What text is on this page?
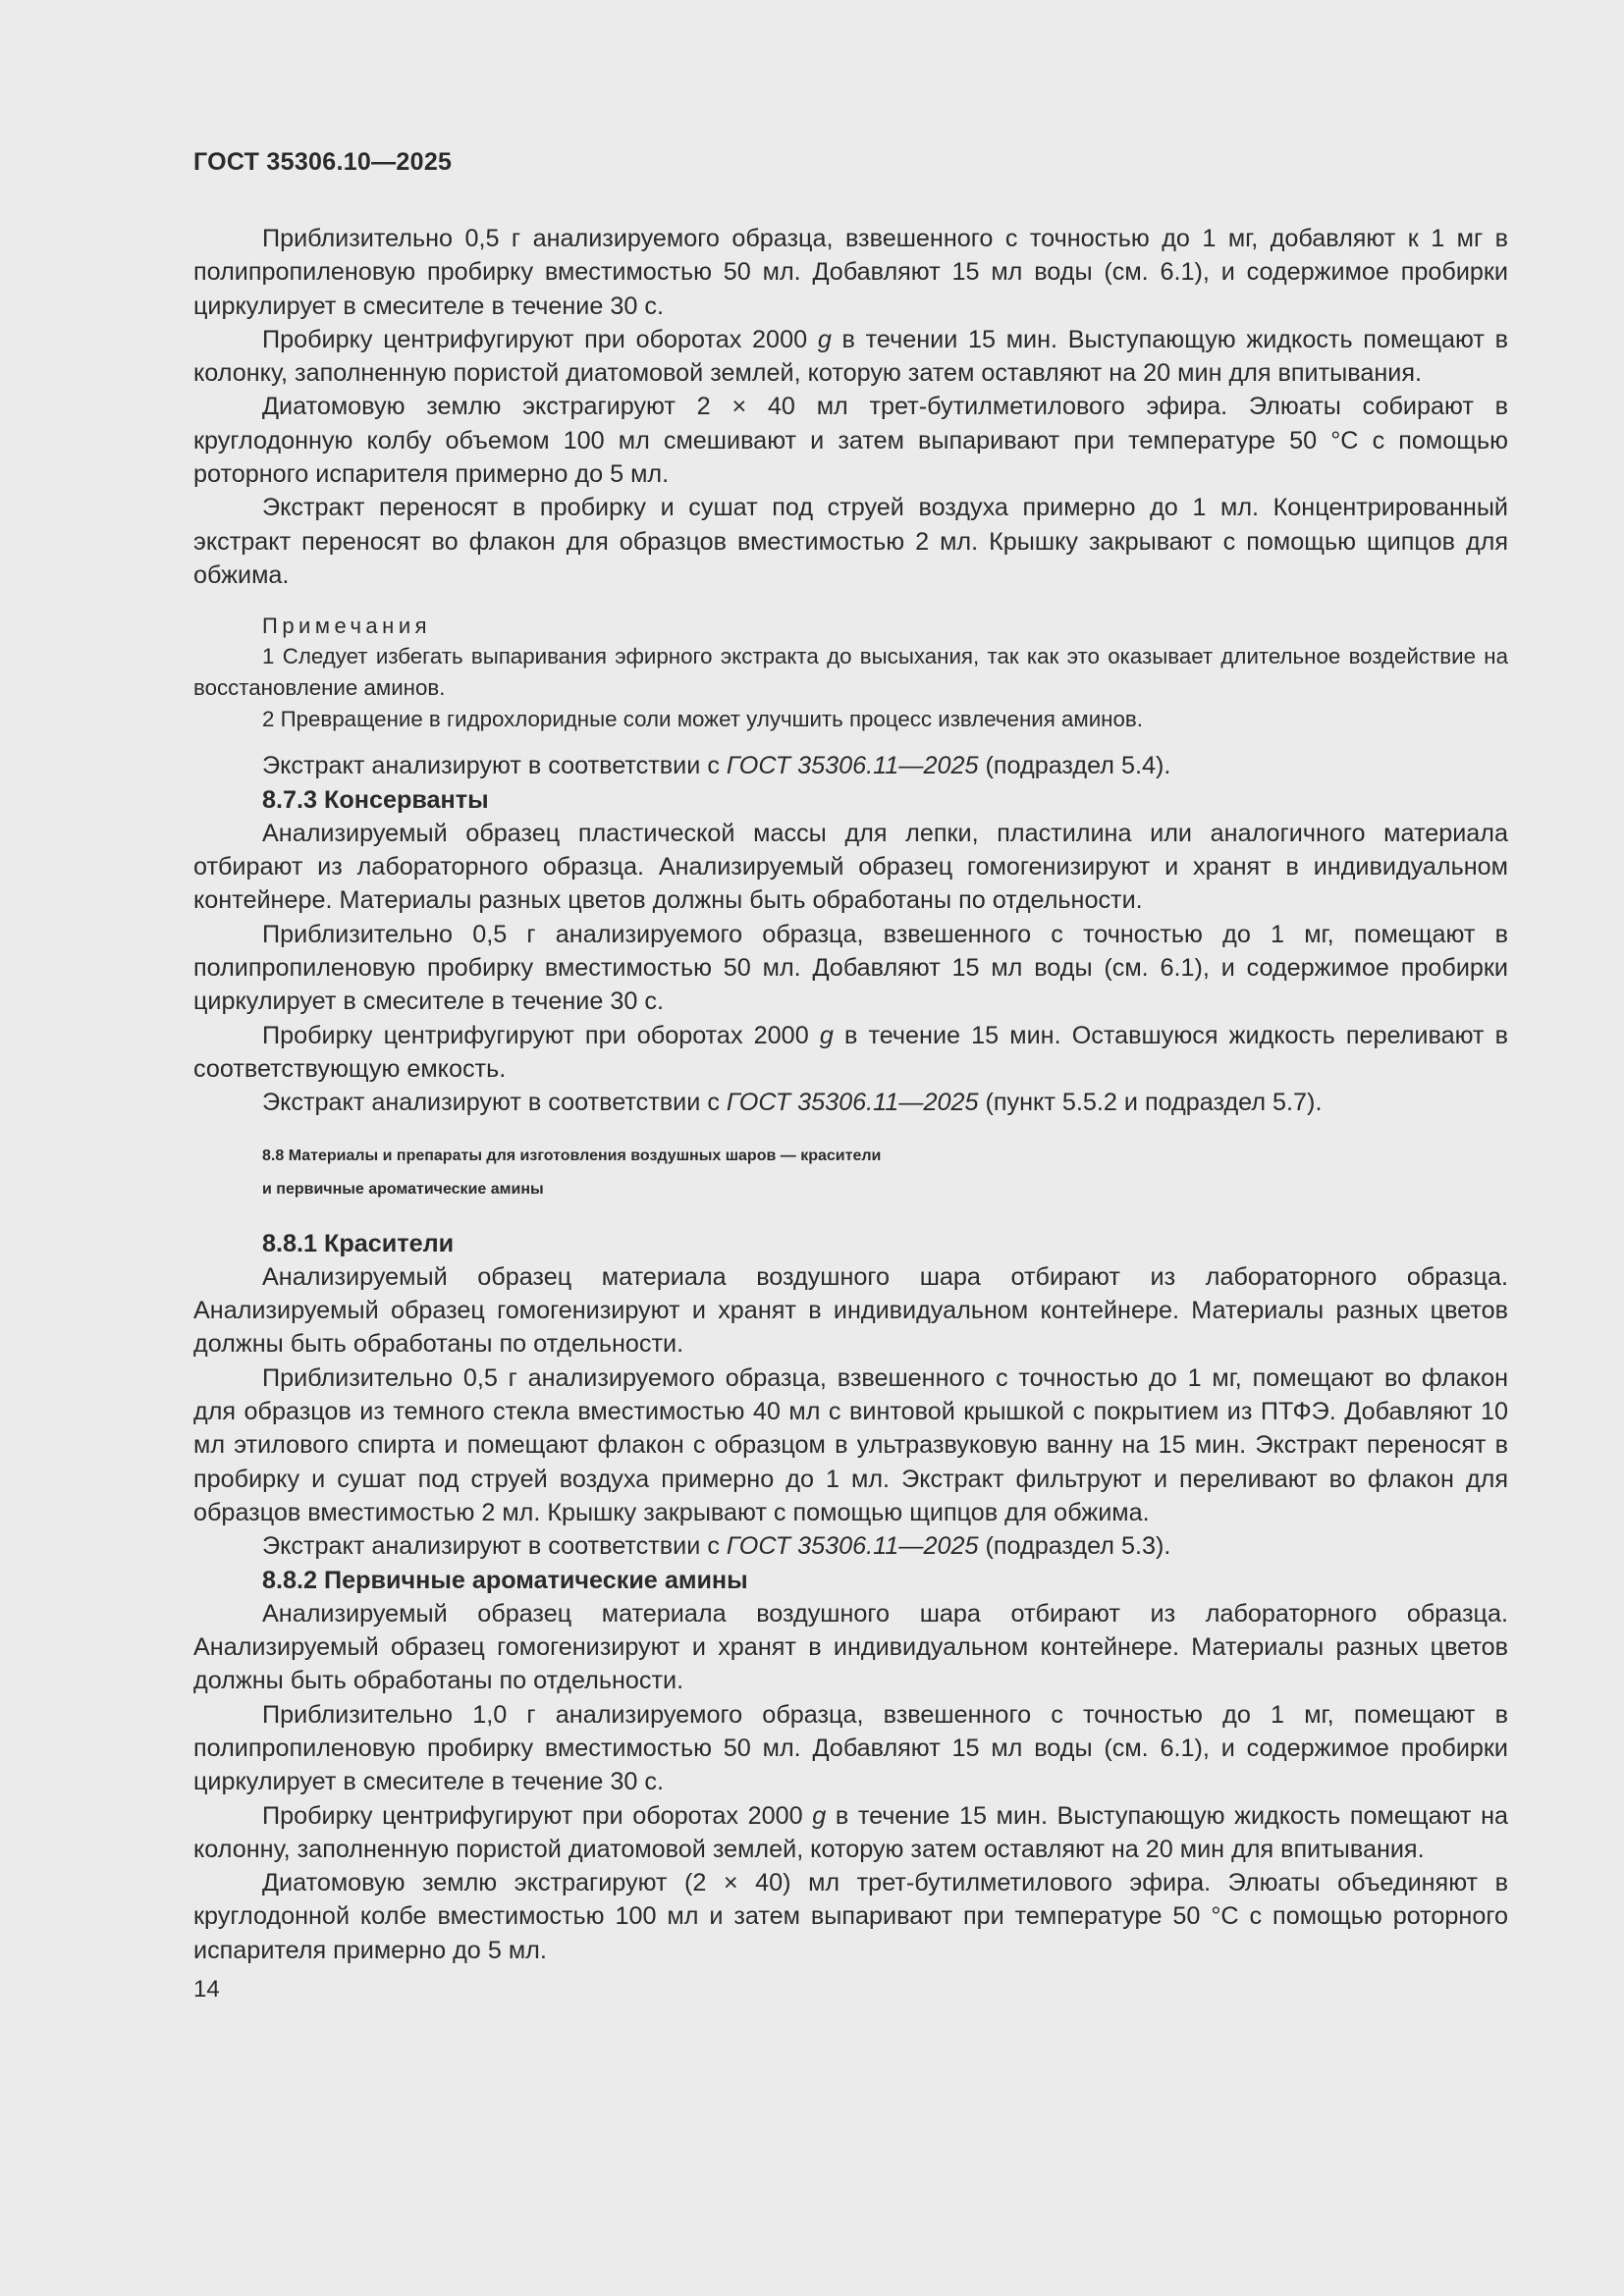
ГОСТ 35306.10—2025

Приблизительно 0,5 г анализируемого образца, взвешенного с точностью до 1 мг, добавляют к 1 мг в полипропиленовую пробирку вместимостью 50 мл. Добавляют 15 мл воды (см. 6.1), и содержимое пробирки циркулирует в смесителе в течение 30 с.

Пробирку центрифугируют при оборотах 2000 g в течении 15 мин. Выступающую жидкость помещают в колонку, заполненную пористой диатомовой землей, которую затем оставляют на 20 мин для впитывания.

Диатомовую землю экстрагируют 2 × 40 мл трет-бутилметилового эфира. Элюаты собирают в круглодонную колбу объемом 100 мл смешивают и затем выпаривают при температуре 50 °С с помощью роторного испарителя примерно до 5 мл.

Экстракт переносят в пробирку и сушат под струей воздуха примерно до 1 мл. Концентрированный экстракт переносят во флакон для образцов вместимостью 2 мл. Крышку закрывают с помощью щипцов для обжима.

Примечания
1 Следует избегать выпаривания эфирного экстракта до высыхания, так как это оказывает длительное воздействие на восстановление аминов.
2 Превращение в гидрохлоридные соли может улучшить процесс извлечения аминов.

Экстракт анализируют в соответствии с ГОСТ 35306.11—2025 (подраздел 5.4).

8.7.3 Консерванты

Анализируемый образец пластической массы для лепки, пластилина или аналогичного материала отбирают из лабораторного образца. Анализируемый образец гомогенизируют и хранят в индивидуальном контейнере. Материалы разных цветов должны быть обработаны по отдельности.

Приблизительно 0,5 г анализируемого образца, взвешенного с точностью до 1 мг, помещают в полипропиленовую пробирку вместимостью 50 мл. Добавляют 15 мл воды (см. 6.1), и содержимое пробирки циркулирует в смесителе в течение 30 с.

Пробирку центрифугируют при оборотах 2000 g в течение 15 мин. Оставшуюся жидкость переливают в соответствующую емкость.

Экстракт анализируют в соответствии с ГОСТ 35306.11—2025 (пункт 5.5.2 и подраздел 5.7).

8.8 Материалы и препараты для изготовления воздушных шаров — красители
и первичные ароматические амины

8.8.1 Красители

Анализируемый образец материала воздушного шара отбирают из лабораторного образца. Анализируемый образец гомогенизируют и хранят в индивидуальном контейнере. Материалы разных цветов должны быть обработаны по отдельности.

Приблизительно 0,5 г анализируемого образца, взвешенного с точностью до 1 мг, помещают во флакон для образцов из темного стекла вместимостью 40 мл с винтовой крышкой с покрытием из ПТФЭ. Добавляют 10 мл этилового спирта и помещают флакон с образцом в ультразвуковую ванну на 15 мин. Экстракт переносят в пробирку и сушат под струей воздуха примерно до 1 мл. Экстракт фильтруют и переливают во флакон для образцов вместимостью 2 мл. Крышку закрывают с помощью щипцов для обжима.

Экстракт анализируют в соответствии с ГОСТ 35306.11—2025 (подраздел 5.3).

8.8.2 Первичные ароматические амины

Анализируемый образец материала воздушного шара отбирают из лабораторного образца. Анализируемый образец гомогенизируют и хранят в индивидуальном контейнере. Материалы разных цветов должны быть обработаны по отдельности.

Приблизительно 1,0 г анализируемого образца, взвешенного с точностью до 1 мг, помещают в полипропиленовую пробирку вместимостью 50 мл. Добавляют 15 мл воды (см. 6.1), и содержимое пробирки циркулирует в смесителе в течение 30 с.

Пробирку центрифугируют при оборотах 2000 g в течение 15 мин. Выступающую жидкость помещают на колонну, заполненную пористой диатомовой землей, которую затем оставляют на 20 мин для впитывания.

Диатомовую землю экстрагируют (2 × 40) мл трет-бутилметилового эфира. Элюаты объединяют в круглодонной колбе вместимостью 100 мл и затем выпаривают при температуре 50 °С с помощью роторного испарителя примерно до 5 мл.

14
